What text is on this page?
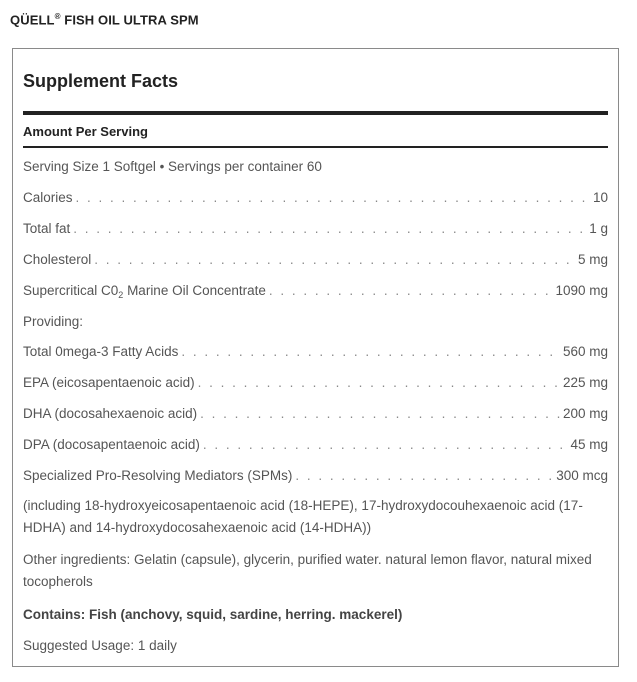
QÜELL® FISH OIL ULTRA SPM
Supplement Facts
Amount Per Serving
Serving Size 1 Softgel • Servings per container 60
Calories . . .	10
Total fat . . .	1 g
Cholesterol . . .	5 mg
Supercritical $C0_2$ Marine Oil Concentrate . . .	1090 mg
Providing:
Total 0mega-3 Fatty Acids . . .	560 mg
EPA (eicosapentaenoic acid) . . .	225 mg
DHA (docosahexaenoic acid) . . .	200 mg
DPA (docosapentaenoic acid) . . .	45 mg
Specialized Pro-Resolving Mediators (SPMs) . . .	300 mcg
(including 18-hydroxyeicosapentaenoic acid (18-HEPE), 17-hydroxydocouhexaenoic acid (17-HDHA) and 14-hydroxydocosahexaenoic acid (14-HDHA))
Other ingredients: Gelatin (capsule), glycerin, purified water. natural lemon flavor, natural mixed tocopherols
Contains: Fish (anchovy, squid, sardine, herring. mackerel)
Suggested Usage: 1 daily
